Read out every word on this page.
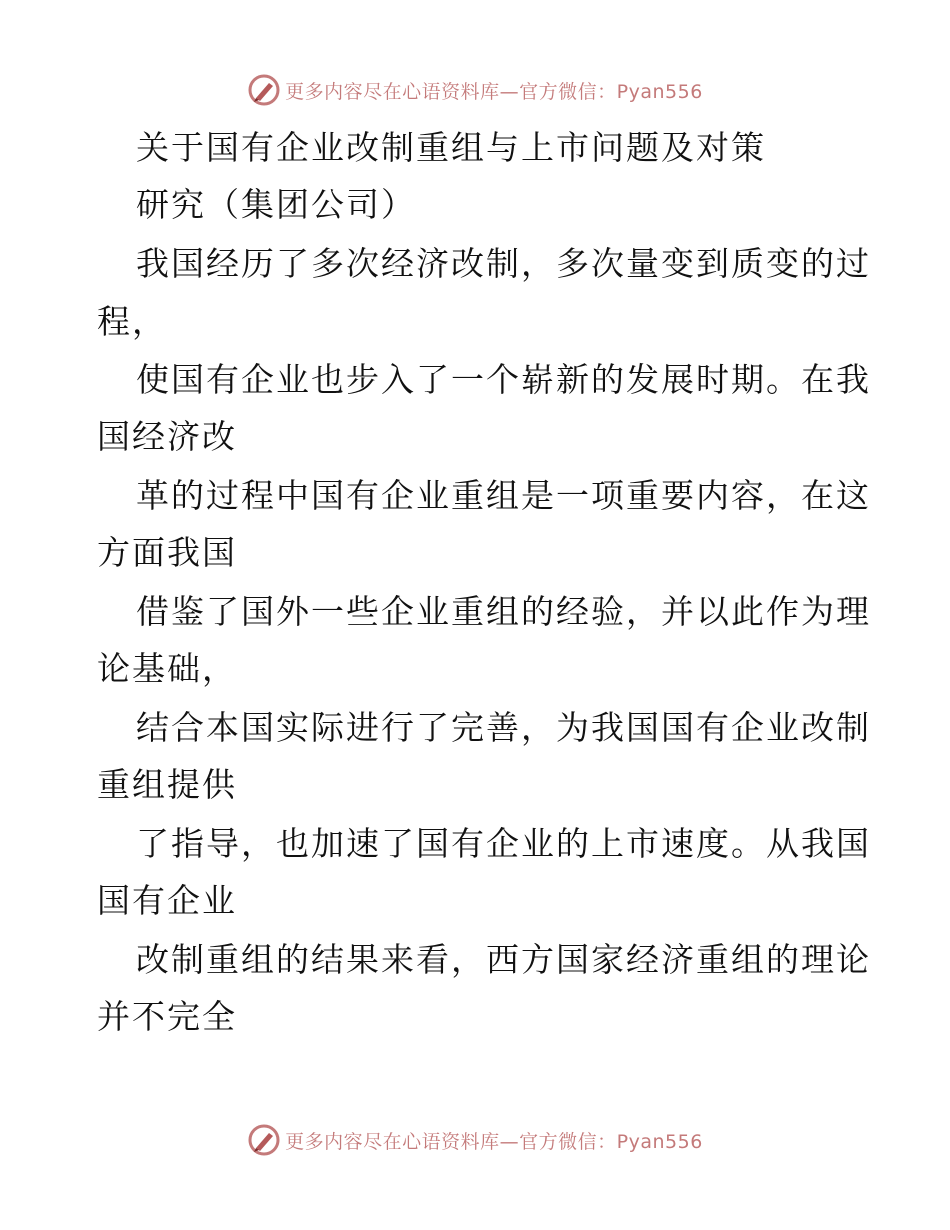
更多内容尽在心语资料库—官方微信：Pyan556
关于国有企业改制重组与上市问题及对策
研究（集团公司）
我国经历了多次经济改制，多次量变到质变的过
程，
使国有企业也步入了一个崭新的发展时期。在我
国经济改
革的过程中国有企业重组是一项重要内容，在这
方面我国
借鉴了国外一些企业重组的经验，并以此作为理
论基础，
结合本国实际进行了完善，为我国国有企业改制
重组提供
了指导，也加速了国有企业的上市速度。从我国
国有企业
改制重组的结果来看，西方国家经济重组的理论
并不完全
更多内容尽在心语资料库—官方微信：Pyan556
